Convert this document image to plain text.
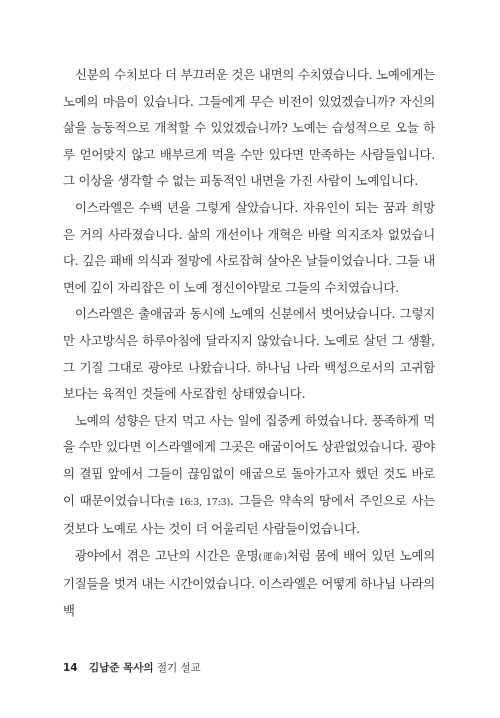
신분의 수치보다 더 부끄러운 것은 내면의 수치였습니다. 노예에게는 노예의 마음이 있습니다. 그들에게 무슨 비전이 있었겠습니까? 자신의 삶을 능동적으로 개척할 수 있었겠습니까? 노예는 습성적으로 오늘 하루 얻어맞지 않고 배부르게 먹을 수만 있다면 만족하는 사람들입니다. 그 이상을 생각할 수 없는 피동적인 내면을 가진 사람이 노예입니다.

이스라엘은 수백 년을 그렇게 살았습니다. 자유인이 되는 꿈과 희망은 거의 사라졌습니다. 삶의 개선이나 개혁은 바랄 의지조차 없었습니다. 깊은 패배 의식과 절망에 사로잡혀 살아온 날들이었습니다. 그들 내면에 깊이 자리잡은 이 노예 정신이야말로 그들의 수치였습니다.

이스라엘은 출애굽과 동시에 노예의 신분에서 벗어났습니다. 그렇지만 사고방식은 하루아침에 달라지지 않았습니다. 노예로 살던 그 생활, 그 기질 그대로 광야로 나왔습니다. 하나님 나라 백성으로서의 고귀함보다는 육적인 것들에 사로잡힌 상태였습니다.

노예의 성향은 단지 먹고 사는 일에 집중케 하였습니다. 풍족하게 먹을 수만 있다면 이스라엘에게 그곳은 애굽이어도 상관없었습니다. 광야의 결핍 앞에서 그들이 끊임없이 애굽으로 돌아가고자 했던 것도 바로 이 때문이었습니다(출 16:3, 17:3). 그들은 약속의 땅에서 주인으로 사는 것보다 노예로 사는 것이 더 어울리던 사람들이었습니다.

광야에서 겪은 고난의 시간은 운명(運命)처럼 몸에 배어 있던 노예의 기질들을 벗겨 내는 시간이었습니다. 이스라엘은 어떻게 하나님 나라의 백

14 김남준 목사의 절기 설교
